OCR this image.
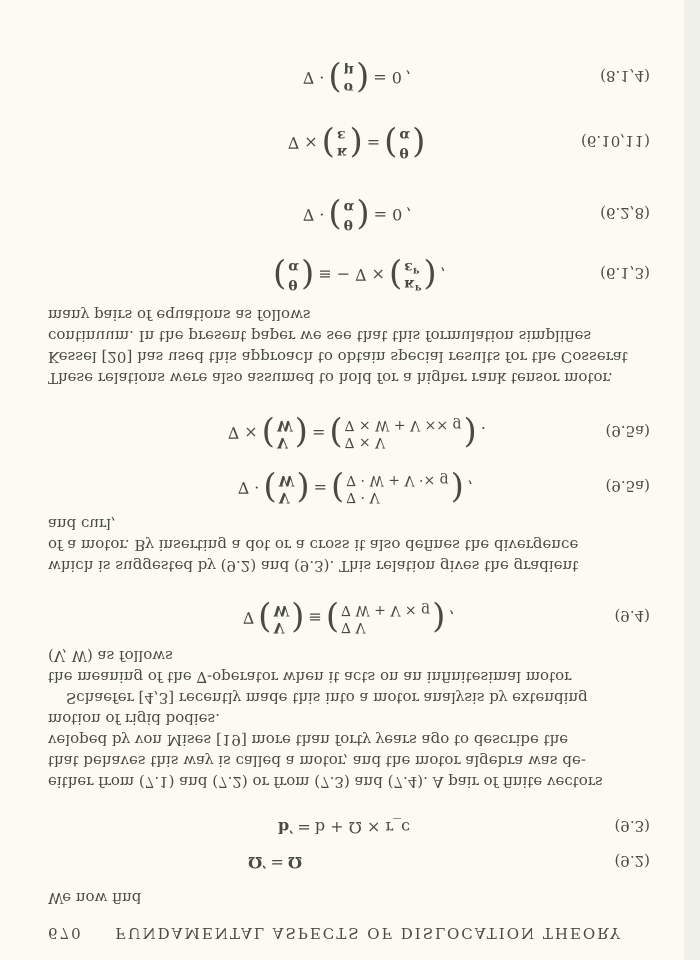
670 FUNDAMENTAL ASPECTS OF DISLOCATION THEORY
We now find
Ω′ = Ω	(9.2)
b′ = b + Ω × r_c	(9.3)
either from (7.1) and (7.2) or from (7.3) and (7.4). A pair of finite vectors
that behaves this way is called a motor, and the motor algebra was de-
veloped by von Mises [19] more than forty years ago to describe the
motion of rigid bodies.
Schaefer [4,3] recently made this into a motor analysis by extending
the meaning of the ∇-operator when it acts on an infinitesimal motor
(V, W) as follows
∇ ( V
W ) ≡ ( ∇ V
∇ W + V × g ) ,	(9.4)
which is suggested by (9.2) and (9.3). This relation gives the gradient
of a motor. By inserting a dot or a cross it also defines the divergence
and curl,
∇ · ( V
W ) = ( ∇ · V
∇ · W + V ·× g ) ,	(9.5a)
∇ × ( V
W ) = ( ∇ × V
∇ × W + V ×× g ) .	(9.5a)
These relations were also assumed to hold for a higher rank tensor motor.
Kessel [20] has used this approach to obtain special results for the Cosserat
continuum. In the present paper we see that this formulation simplifies
many pairs of equations as follows
( θ
α ) ≡ − ∇ × ( κᴾ
εᴾ ) ,	(6.1,3)
∇ · ( θ
α ) = 0 ,	(6.2,8)
∇ × ( κ
ε ) = ( θ
α )	(6.10,11)
∇ · ( σ
μ ) = 0 ,	(8.1,4)
